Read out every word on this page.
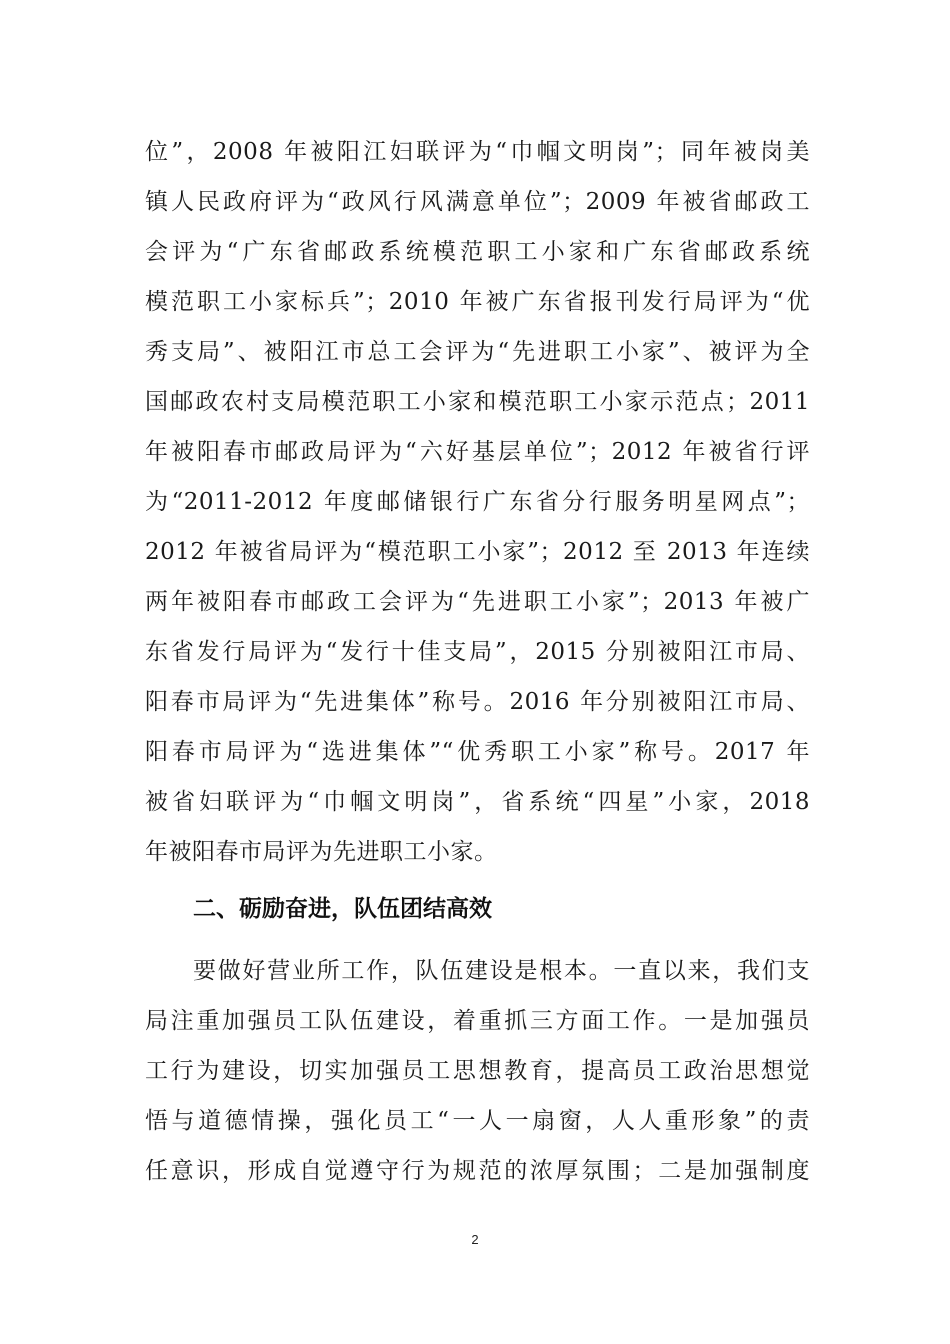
位”，2008 年被阳江妇联评为“巾帼文明岗”；同年被岗美
镇人民政府评为“政风行风满意单位”；2009 年被省邮政工
会评为“广东省邮政系统模范职工小家和广东省邮政系统
模范职工小家标兵”；2010 年被广东省报刊发行局评为“优
秀支局”、被阳江市总工会评为“先进职工小家”、被评为全
国邮政农村支局模范职工小家和模范职工小家示范点；2011
年被阳春市邮政局评为“六好基层单位”；2012 年被省行评
为“2011-2012 年度邮储银行广东省分行服务明星网点”；
2012 年被省局评为“模范职工小家”；2012 至 2013 年连续
两年被阳春市邮政工会评为“先进职工小家”；2013 年被广
东省发行局评为“发行十佳支局”，2015 分别被阳江市局、
阳春市局评为“先进集体”称号。2016 年分别被阳江市局、
阳春市局评为“选进集体”“优秀职工小家”称号。2017 年
被省妇联评为“巾帼文明岗”，省系统“四星”小家，2018
年被阳春市局评为先进职工小家。
二、砺励奋进，队伍团结高效
要做好营业所工作，队伍建设是根本。一直以来，我们支
局注重加强员工队伍建设，着重抓三方面工作。一是加强员
工行为建设，切实加强员工思想教育，提高员工政治思想觉
悟与道德情操，强化员工“一人一扇窗，人人重形象”的责
任意识，形成自觉遵守行为规范的浓厚氛围；二是加强制度
2
